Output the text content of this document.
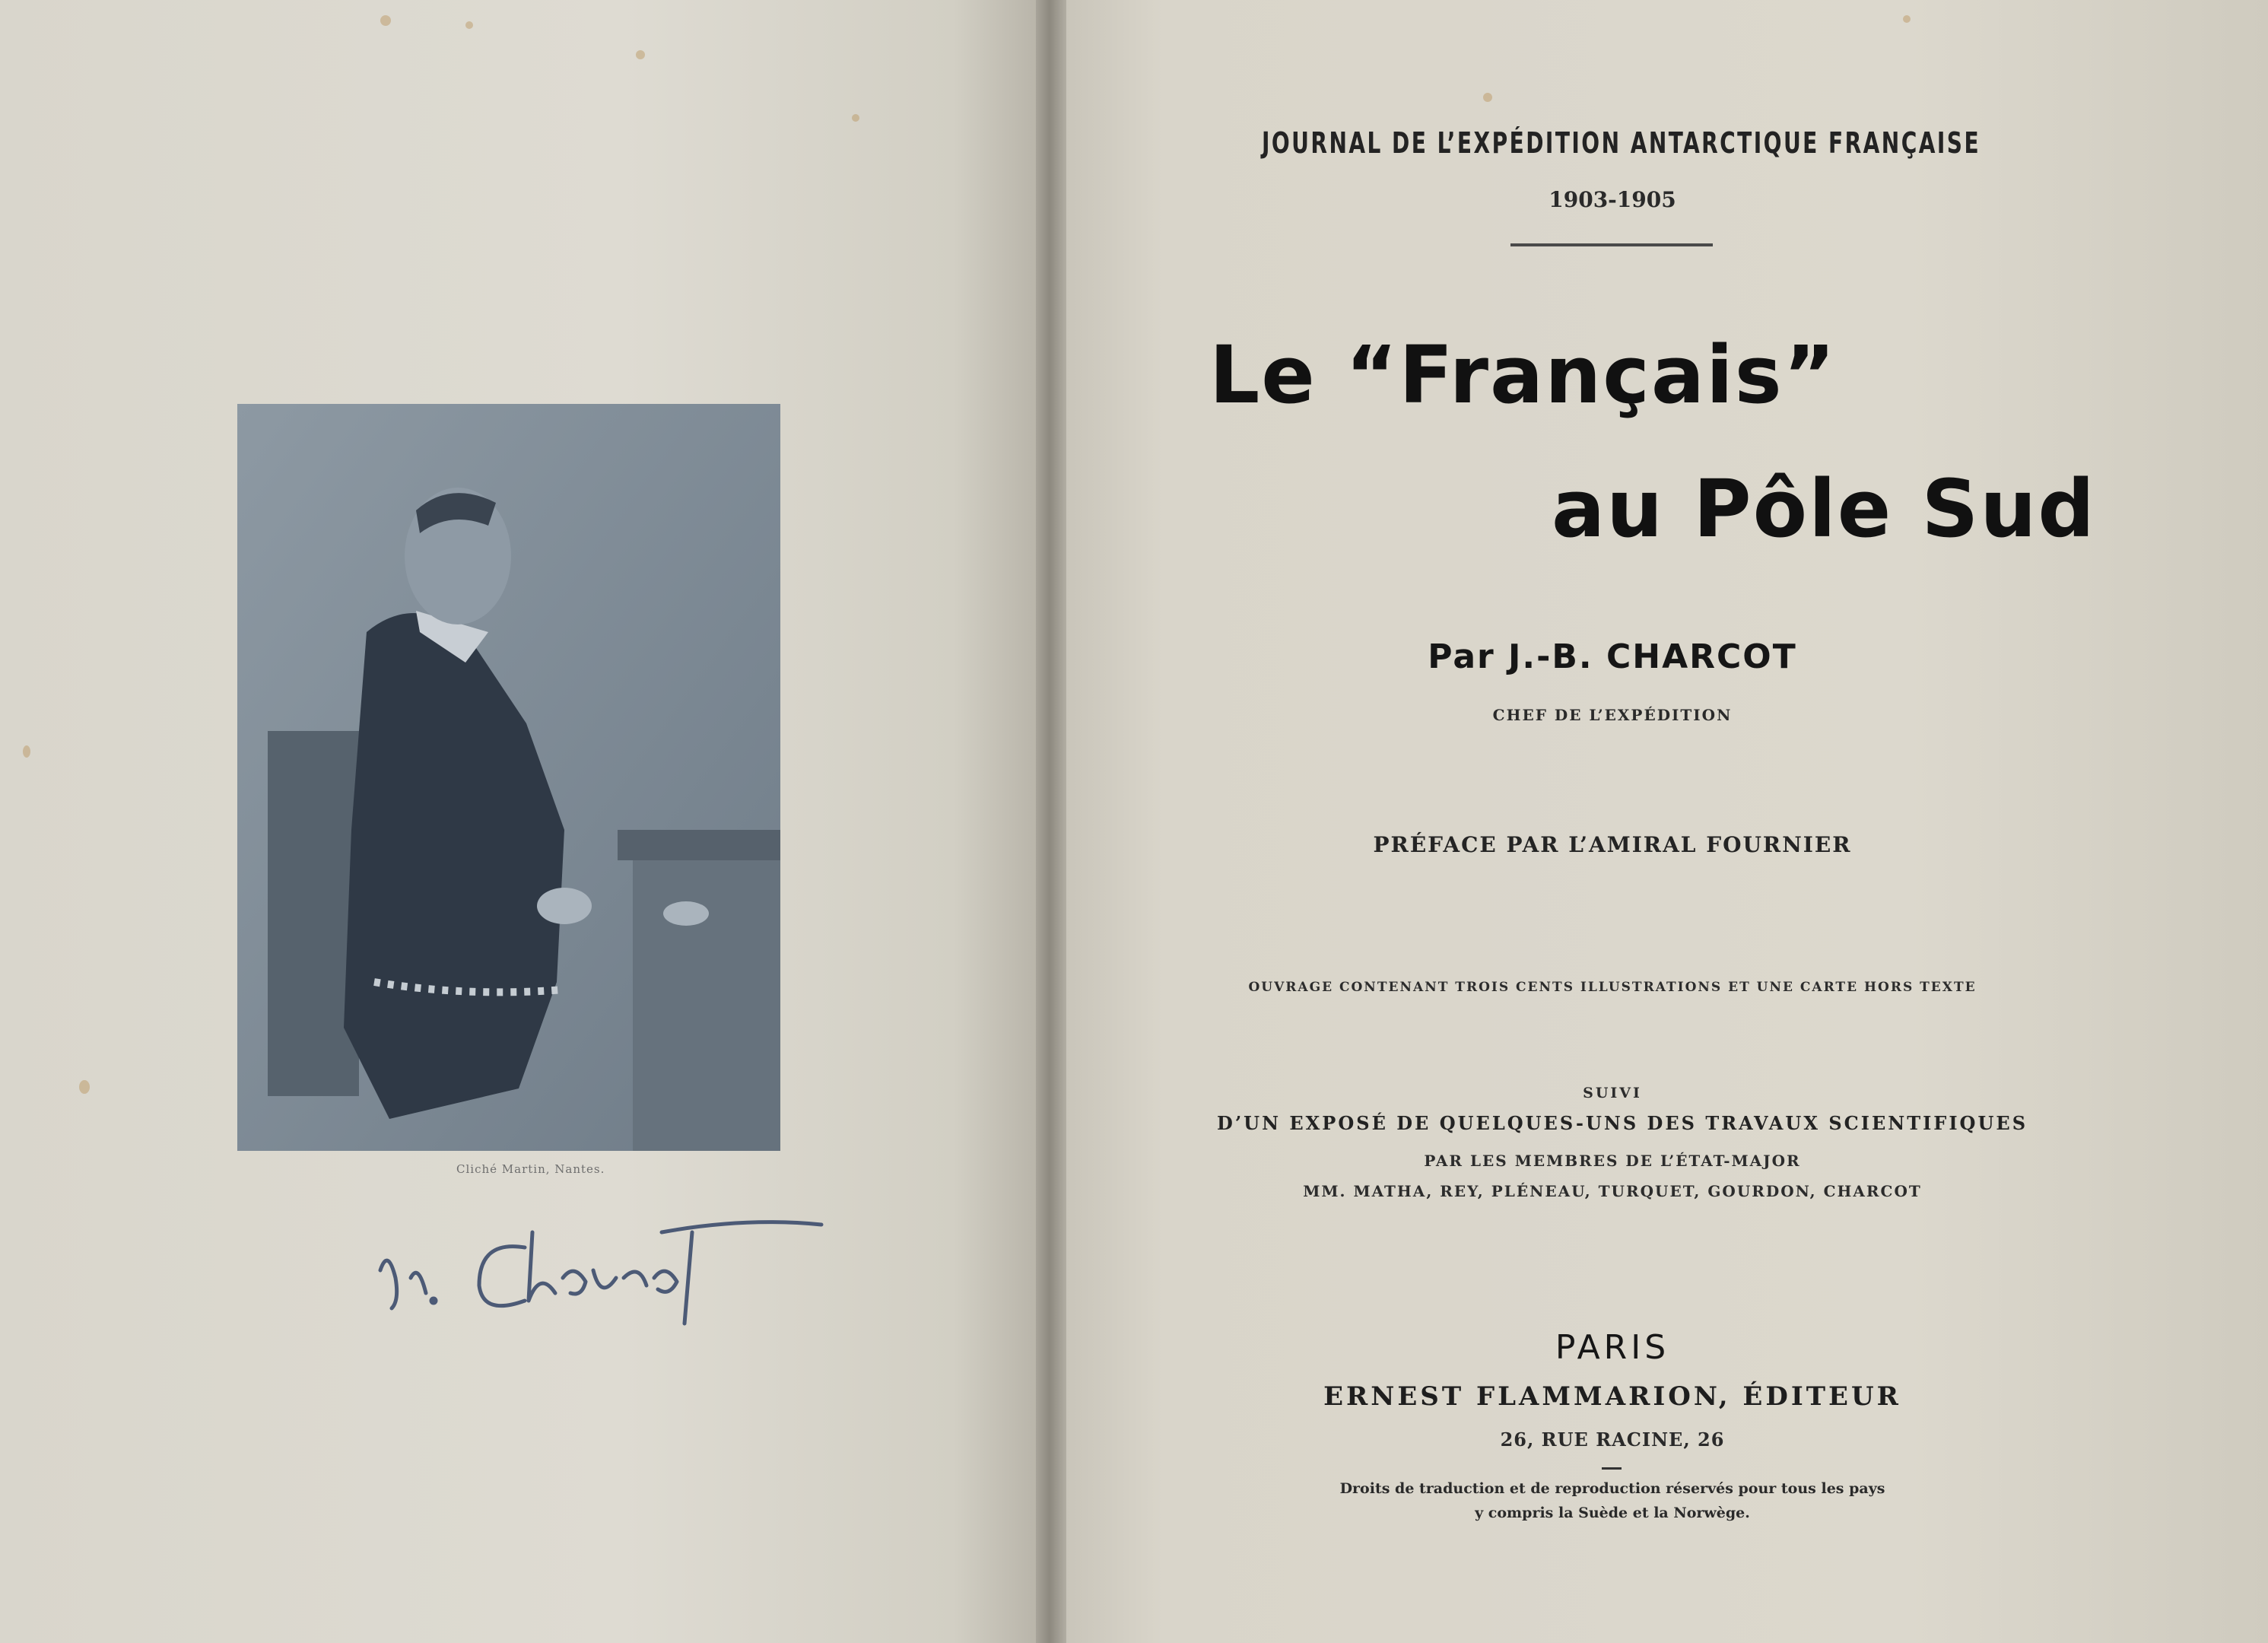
Cliché Martin, Nantes.
JOURNAL DE L’EXPÉDITION ANTARCTIQUE FRANÇAISE
1903-1905
Le “Français”
au Pôle Sud
Par J.-B. CHARCOT
CHEF DE L’EXPÉDITION
PRÉFACE PAR L’AMIRAL FOURNIER
OUVRAGE CONTENANT TROIS CENTS ILLUSTRATIONS ET UNE CARTE HORS TEXTE
SUIVI
D’UN EXPOSÉ DE QUELQUES-UNS DES TRAVAUX SCIENTIFIQUES
PAR LES MEMBRES DE L’ÉTAT-MAJOR
MM. MATHA, REY, PLÉNEAU, TURQUET, GOURDON, CHARCOT
PARIS
ERNEST FLAMMARION, ÉDITEUR
26, RUE RACINE, 26
Droits de traduction et de reproduction réservés pour tous les pays
y compris la Suède et la Norwège.
